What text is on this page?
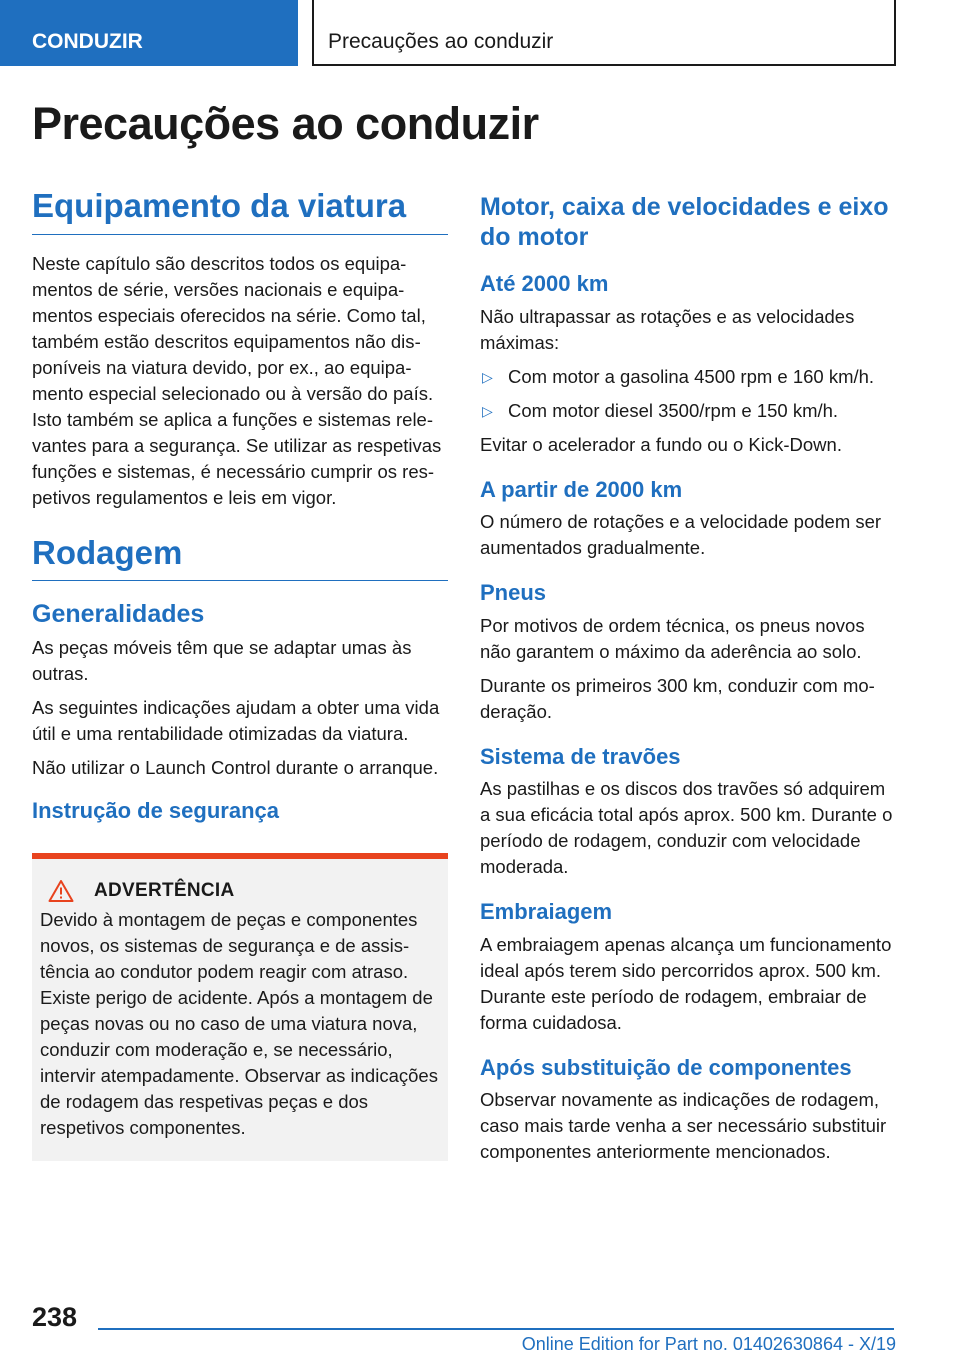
CONDUZIR	Precauções ao conduzir
Precauções ao conduzir
Equipamento da viatura

Neste capítulo são descritos todos os equipamentos de série, versões nacionais e equipamentos especiais oferecidos na série. Como tal, também estão descritos equipamentos não disponíveis na viatura devido, por ex., ao equipamento especial selecionado ou à versão do país. Isto também se aplica a funções e sistemas relevantes para a segurança. Se utilizar as respetivas funções e sistemas, é necessário cumprir os respetivos regulamentos e leis em vigor.

Rodagem
Generalidades

As peças móveis têm que se adaptar umas às outras.

As seguintes indicações ajudam a obter uma vida útil e uma rentabilidade otimizadas da viatura.

Não utilizar o Launch Control durante o arranque.

Instrução de segurança
ADVERTÊNCIA

Devido à montagem de peças e componentes novos, os sistemas de segurança e de assistência ao condutor podem reagir com atraso. Existe perigo de acidente. Após a montagem de peças novas ou no caso de uma viatura nova, conduzir com moderação e, se necessário, intervir atempadamente. Observar as indicações de rodagem das respetivas peças e dos respetivos componentes.

Motor, caixa de velocidades e eixo do motor
Até 2000 km

Não ultrapassar as rotações e as velocidades máximas:

▷ Com motor a gasolina 4500 rpm e 160 km/h.
▷ Com motor diesel 3500/rpm e 150 km/h.

Evitar o acelerador a fundo ou o Kick-Down.

A partir de 2000 km

O número de rotações e a velocidade podem ser aumentados gradualmente.

Pneus

Por motivos de ordem técnica, os pneus novos não garantem o máximo da aderência ao solo.

Durante os primeiros 300 km, conduzir com moderação.

Sistema de travões

As pastilhas e os discos dos travões só adquirem a sua eficácia total após aprox. 500 km. Durante o período de rodagem, conduzir com velocidade moderada.

Embraiagem

A embraiagem apenas alcança um funcionamento ideal após terem sido percorridos aprox. 500 km. Durante este período de rodagem, embraiar de forma cuidadosa.

Após substituição de componentes

Observar novamente as indicações de rodagem, caso mais tarde venha a ser necessário substituir componentes anteriormente mencionados.

238
Online Edition for Part no. 01402630864 - X/19
